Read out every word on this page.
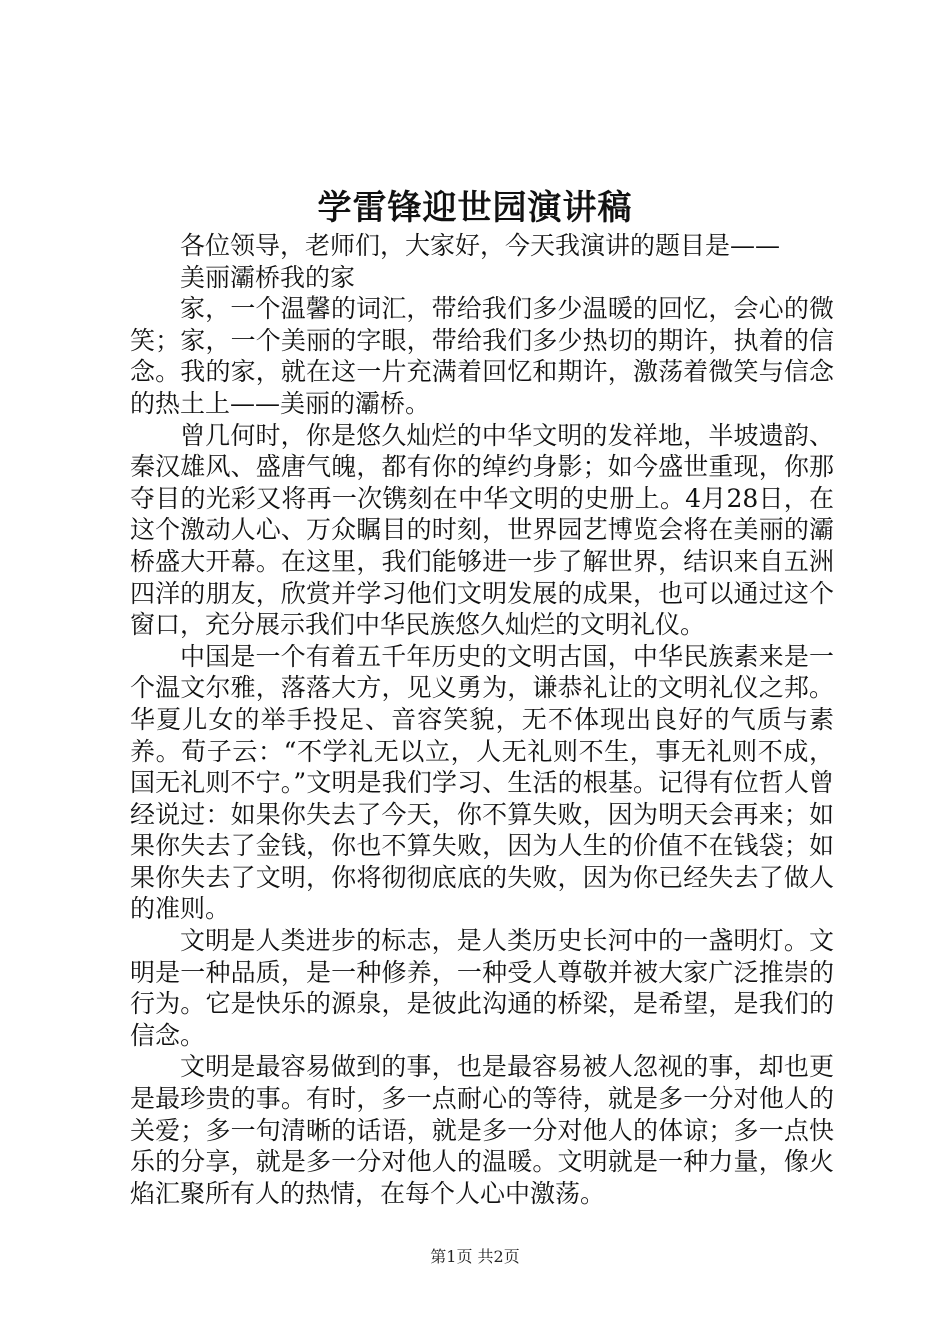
学雷锋迎世园演讲稿

各位领导，老师们，大家好，今天我演讲的题目是——

美丽灞桥我的家

家，一个温馨的词汇，带给我们多少温暖的回忆，会心的微笑；家，一个美丽的字眼，带给我们多少热切的期许，执着的信念。我的家，就在这一片充满着回忆和期许，激荡着微笑与信念的热土上——美丽的灞桥。

曾几何时，你是悠久灿烂的中华文明的发祥地，半坡遗韵、秦汉雄风、盛唐气魄，都有你的绰约身影；如今盛世重现，你那夺目的光彩又将再一次镌刻在中华文明的史册上。4月28日，在这个激动人心、万众瞩目的时刻，世界园艺博览会将在美丽的灞桥盛大开幕。在这里，我们能够进一步了解世界，结识来自五洲四洋的朋友，欣赏并学习他们文明发展的成果，也可以通过这个窗口，充分展示我们中华民族悠久灿烂的文明礼仪。

中国是一个有着五千年历史的文明古国，中华民族素来是一个温文尔雅，落落大方，见义勇为，谦恭礼让的文明礼仪之邦。华夏儿女的举手投足、音容笑貌，无不体现出良好的气质与素养。荀子云：“不学礼无以立，人无礼则不生，事无礼则不成，国无礼则不宁。”文明是我们学习、生活的根基。记得有位哲人曾经说过：如果你失去了今天，你不算失败，因为明天会再来；如果你失去了金钱，你也不算失败，因为人生的价值不在钱袋；如果你失去了文明，你将彻彻底底的失败，因为你已经失去了做人的准则。

文明是人类进步的标志，是人类历史长河中的一盏明灯。文明是一种品质，是一种修养，一种受人尊敬并被大家广泛推崇的行为。它是快乐的源泉，是彼此沟通的桥梁，是希望，是我们的信念。

文明是最容易做到的事，也是最容易被人忽视的事，却也更是最珍贵的事。有时，多一点耐心的等待，就是多一分对他人的关爱；多一句清晰的话语，就是多一分对他人的体谅；多一点快乐的分享，就是多一分对他人的温暖。文明就是一种力量，像火焰汇聚所有人的热情，在每个人心中激荡。

第1页 共2页
